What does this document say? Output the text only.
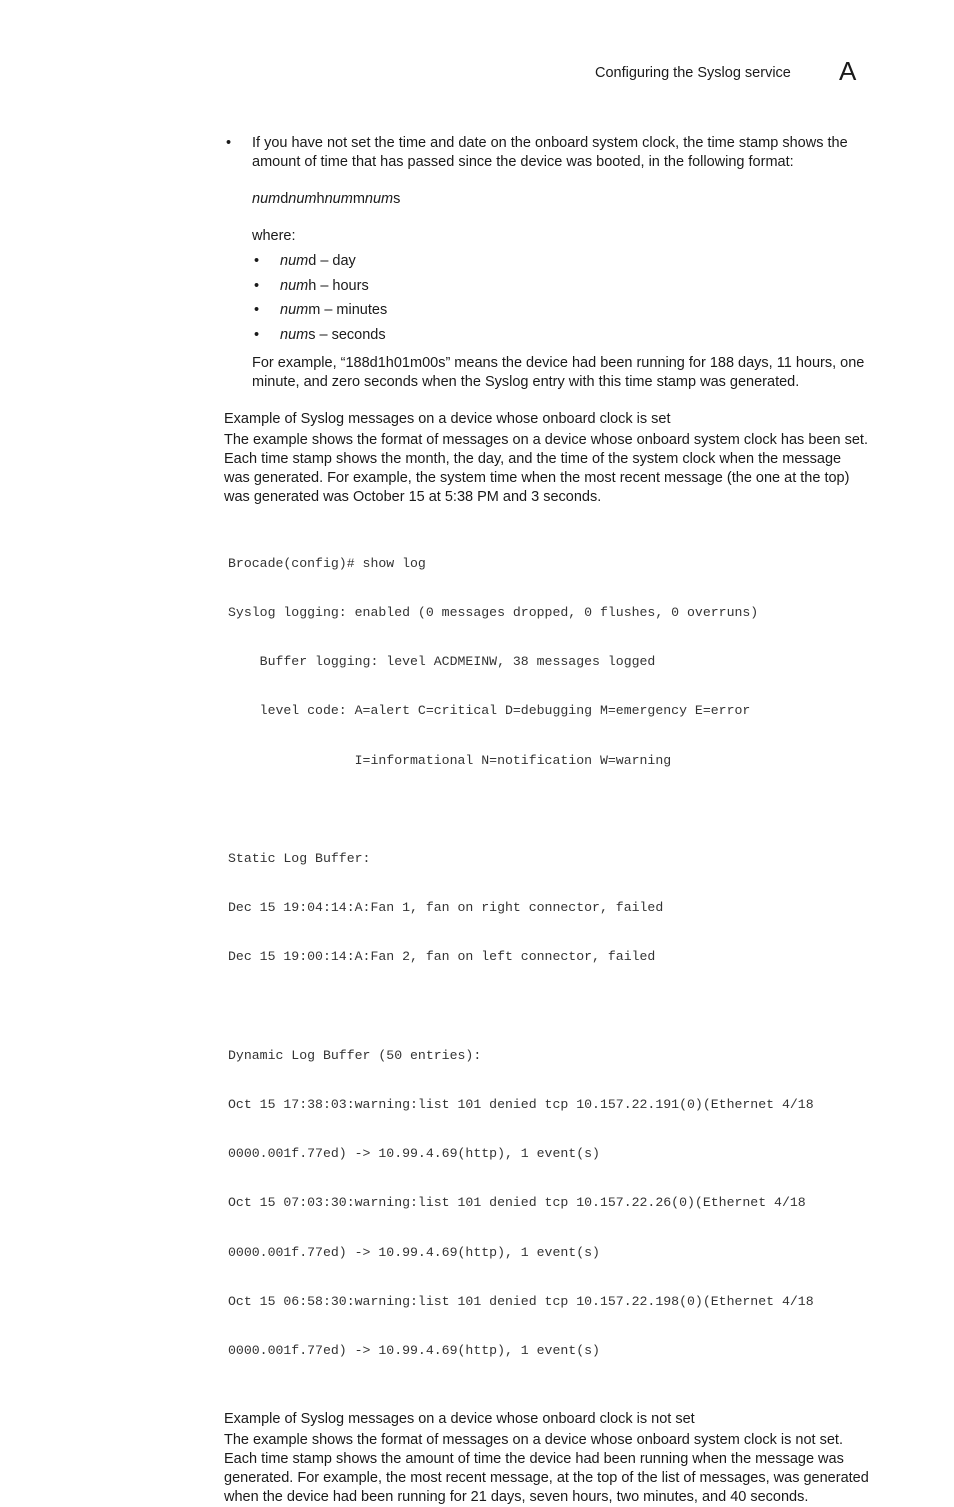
Configuring the Syslog service A
•	If you have not set the time and date on the onboard system clock, the time stamp shows the amount of time that has passed since the device was booted, in the following format:

numdnumhnummnums
where:
•	numd – day
•	numh – hours
•	numm – minutes
•	nums – seconds

For example, “188d1h01m00s” means the device had been running for 188 days, 11 hours, one minute, and zero seconds when the Syslog entry with this time stamp was generated.

Example of Syslog messages on a device whose onboard clock is set

The example shows the format of messages on a device whose onboard system clock has been set. Each time stamp shows the month, the day, and the time of the system clock when the message was generated. For example, the system time when the most recent message (the one at the top) was generated was October 15 at 5:38 PM and 3 seconds.

Brocade(config)# show log

Syslog logging: enabled (0 messages dropped, 0 flushes, 0 overruns)

Buffer logging: level ACDMEINW, 38 messages logged

level code: A=alert C=critical D=debugging M=emergency E=error

I=informational N=notification W=warning

Static Log Buffer:

Dec 15 19:04:14:A:Fan 1, fan on right connector, failed

Dec 15 19:00:14:A:Fan 2, fan on left connector, failed

Dynamic Log Buffer (50 entries):

Oct 15 17:38:03:warning:list 101 denied tcp 10.157.22.191(0)(Ethernet 4/18

0000.001f.77ed) -> 10.99.4.69(http), 1 event(s)

Oct 15 07:03:30:warning:list 101 denied tcp 10.157.22.26(0)(Ethernet 4/18

0000.001f.77ed) -> 10.99.4.69(http), 1 event(s)

Oct 15 06:58:30:warning:list 101 denied tcp 10.157.22.198(0)(Ethernet 4/18

0000.001f.77ed) -> 10.99.4.69(http), 1 event(s)

Example of Syslog messages on a device whose onboard clock is not set

The example shows the format of messages on a device whose onboard system clock is not set. Each time stamp shows the amount of time the device had been running when the message was generated. For example, the most recent message, at the top of the list of messages, was generated when the device had been running for 21 days, seven hours, two minutes, and 40 seconds.
